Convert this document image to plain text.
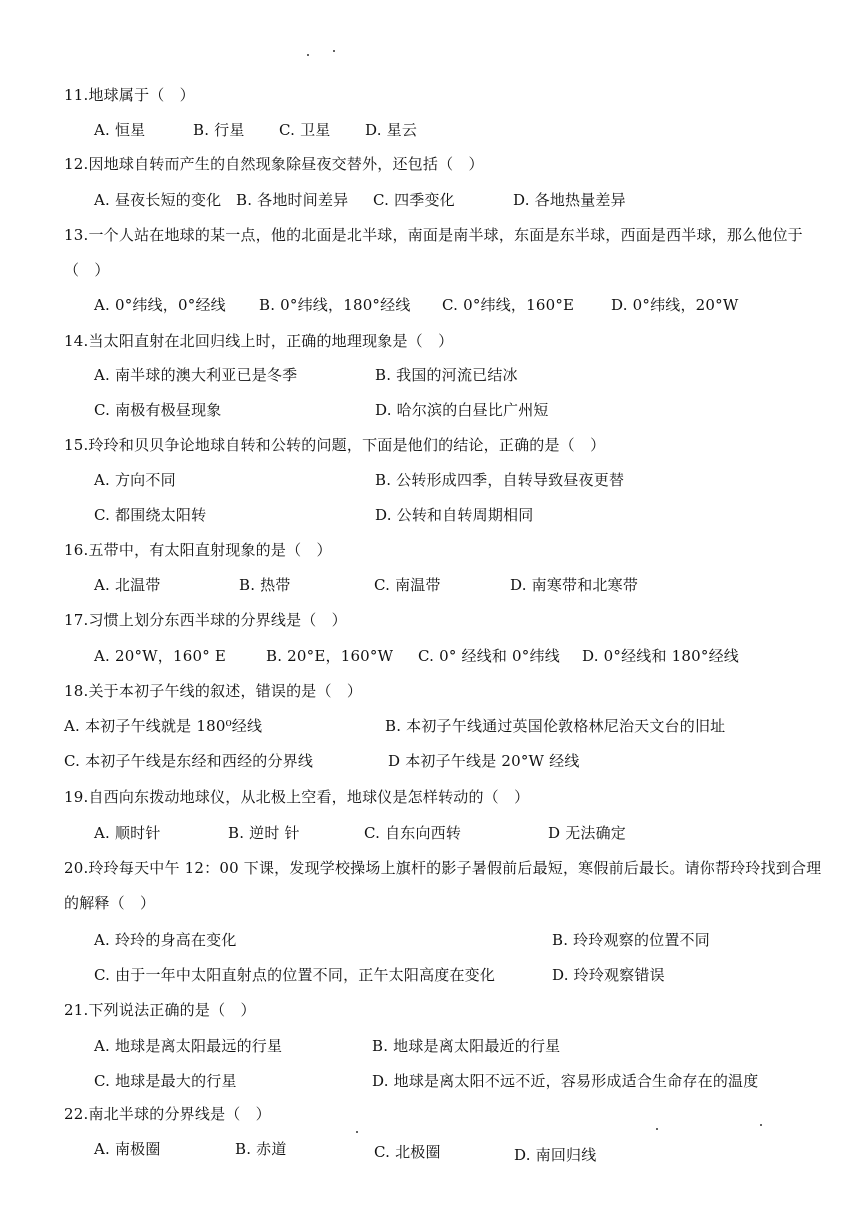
11.地球属于（　）
A. 恒星	B. 行星 C. 卫星 D. 星云
12.因地球自转而产生的自然现象除昼夜交替外，还包括（　）
A. 昼夜长短的变化 B. 各地时间差异 C. 四季变化	D. 各地热量差异
13.一个人站在地球的某一点，他的北面是北半球，南面是南半球，东面是东半球，西面是西半球，那么他位于
（　）
A. 0°纬线，0°经线 B. 0°纬线，180°经线 C. 0°纬线，160°E D. 0°纬线，20°W
14.当太阳直射在北回归线上时，正确的地理现象是（　）
A. 南半球的澳大利亚已是冬季	B. 我国的河流已结冰
C. 南极有极昼现象	D. 哈尔滨的白昼比广州短
15.玲玲和贝贝争论地球自转和公转的问题，下面是他们的结论，正确的是（　）
A. 方向不同	B. 公转形成四季，自转导致昼夜更替
C. 都围绕太阳转	D. 公转和自转周期相同
16.五带中，有太阳直射现象的是（　）
A. 北温带	B. 热带	C. 南温带	D. 南寒带和北寒带
17.习惯上划分东西半球的分界线是（　）
A. 20°W，160° E	B. 20°E，160°W C. 0° 经线和 0°纬线 D. 0°经线和 180°经线
18.关于本初子午线的叙述，错误的是（　）
A. 本初子午线就是 180⁰经线	B. 本初子午线通过英国伦敦格林尼治天文台的旧址
C. 本初子午线是东经和西经的分界线	D 本初子午线是 20°W 经线
19.自西向东拨动地球仪，从北极上空看，地球仪是怎样转动的（　）
A. 顺时针	B. 逆时 针	C. 自东向西转	D 无法确定
20.玲玲每天中午 12：00 下课，发现学校操场上旗杆的影子暑假前后最短，寒假前后最长。请你帮玲玲找到合理
的解释（　）
A. 玲玲的身高在变化	B. 玲玲观察的位置不同
C. 由于一年中太阳直射点的位置不同，正午太阳高度在变化	D. 玲玲观察错误
21.下列说法正确的是（　）
A. 地球是离太阳最远的行星	B. 地球是离太阳最近的行星
C. 地球是最大的行星	D. 地球是离太阳不远不近，容易形成适合生命存在的温度
22.南北半球的分界线是（　）
A. 南极圈	B. 赤道	C. 北极圈	D. 南回归线
